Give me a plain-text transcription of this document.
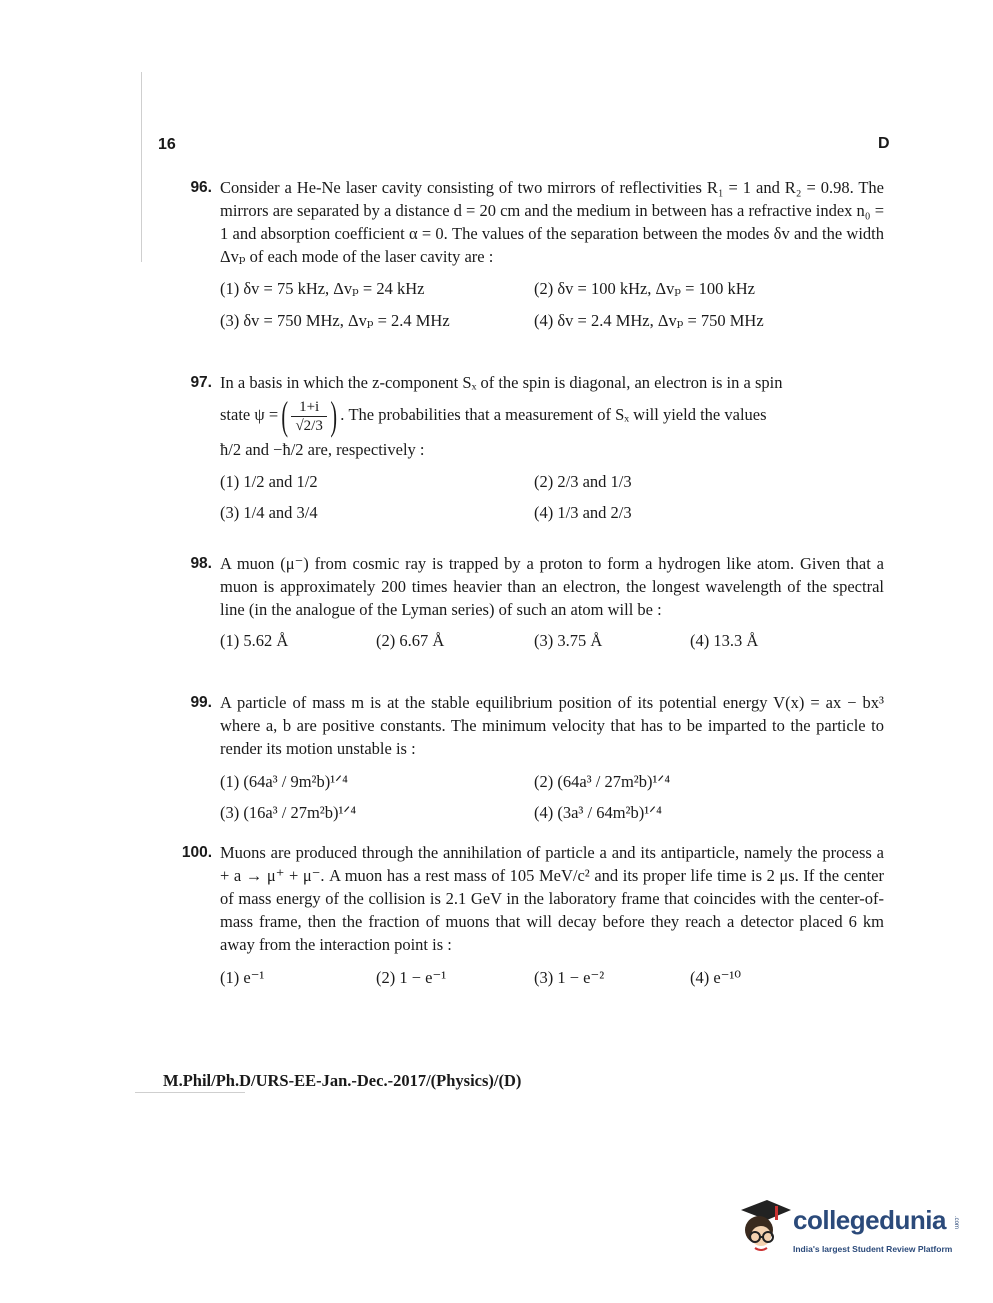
16	D
96. Consider a He-Ne laser cavity consisting of two mirrors of reflectivities R₁ = 1 and R₂ = 0.98. The mirrors are separated by a distance d = 20 cm and the medium in between has a refractive index n₀ = 1 and absorption coefficient α = 0. The values of the separation between the modes δv and the width Δvₚ of each mode of the laser cavity are :
(1) δv = 75 kHz, Δvₚ = 24 kHz	(2) δv = 100 kHz, Δvₚ = 100 kHz
(3) δv = 750 MHz, Δvₚ = 2.4 MHz	(4) δv = 2.4 MHz, Δvₚ = 750 MHz
97. In a basis in which the z-component Sₓ of the spin is diagonal, an electron is in a spin
state ψ =( $\frac{1+i}{√2/3}$ ) . The probabilities that a measurement of Sₓ will yield the values
ħ/2 and −ħ/2 are, respectively :
(1) 1/2 and 1/2	(2) 2/3 and 1/3
(3) 1/4 and 3/4	(4) 1/3 and 2/3
98. A muon (μ⁻) from cosmic ray is trapped by a proton to form a hydrogen like atom. Given that a muon is approximately 200 times heavier than an electron, the longest wavelength of the spectral line (in the analogue of the Lyman series) of such an atom will be :
(1) 5.62 Å	(2) 6.67 Å	(3) 3.75 Å	(4) 13.3 Å
99. A particle of mass m is at the stable equilibrium position of its potential energy V(x) = ax − bx³ where a, b are positive constants. The minimum velocity that has to be imparted to the particle to render its motion unstable is :
(1) (64a³ / 9m²b)¹ᐟ⁴	(2) (64a³ / 27m²b)¹ᐟ⁴
(3) (16a³ / 27m²b)¹ᐟ⁴	(4) (3a³ / 64m²b)¹ᐟ⁴
100. Muons are produced through the annihilation of particle a and its antiparticle, namely the process a + a → μ⁺ + μ⁻. A muon has a rest mass of 105 MeV/c² and its proper life time is 2 μs. If the center of mass energy of the collision is 2.1 GeV in the laboratory frame that coincides with the center-of-mass frame, then the fraction of muons that will decay before they reach a detector placed 6 km away from the interaction point is :
(1) e⁻¹	(2) 1 − e⁻¹	(3) 1 − e⁻²	(4) e⁻¹⁰
M.Phil/Ph.D/URS-EE-Jan.-Dec.-2017/(Physics)/(D)
collegedunia .com
India's largest Student Review Platform
